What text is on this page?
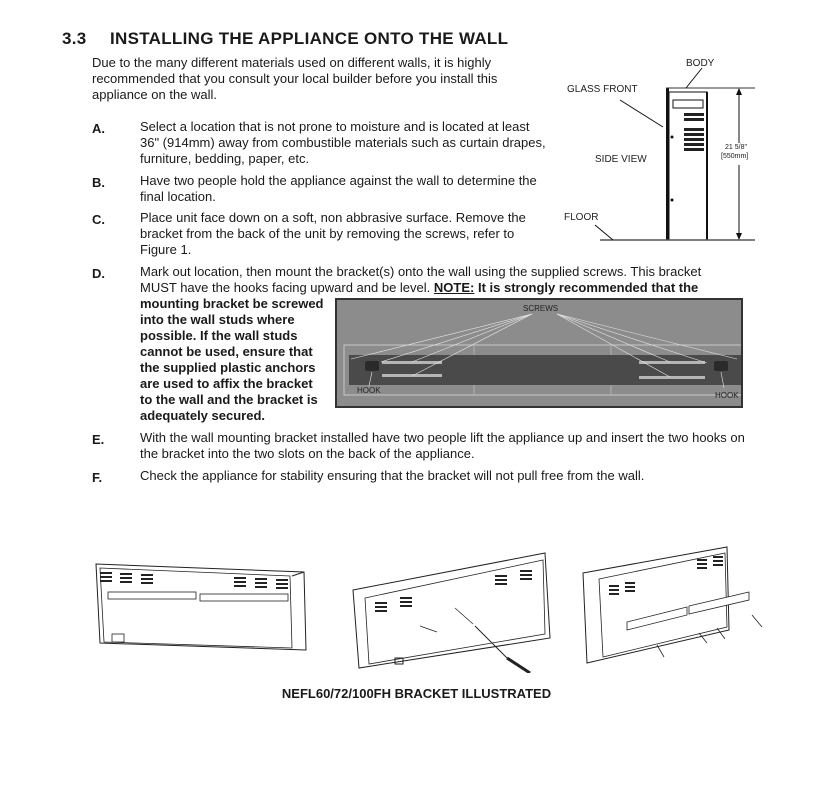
3.3 INSTALLING THE APPLIANCE ONTO THE WALL
Due to the many different materials used on different walls, it is highly recommended that you consult your local builder before you install this appliance on the wall.
BODY
GLASS FRONT
SIDE VIEW
FLOOR
21 5/8"
[550mm]
A.	Select a location that is not prone to moisture and is located at least 36" (914mm) away from combustible materials such as curtain drapes, furniture, bedding, paper, etc.
B.	Have two people hold the appliance against the wall to determine the final location.
C.	Place unit face down on a soft, non abbrasive surface. Remove the bracket from the back of the unit by removing the screws, refer to Figure 1.
D.	Mark out location, then mount the bracket(s) onto the wall using the supplied screws. This bracket
MUST have the hooks facing upward and be level. NOTE: It is strongly recommended that the
mounting bracket be screwed
into the wall studs where
possible. If the wall studs
cannot be used, ensure that
the supplied plastic anchors
are used to affix the bracket
to the wall and the bracket is
adequately secured.
SCREWS
HOOK
HOOK
E.	With the wall mounting bracket installed have two people lift the appliance up and insert the two hooks on the bracket into the two slots on the back of the appliance.
F.	Check the appliance for stability ensuring that the bracket will not pull free from the wall.
NEFL60/72/100FH BRACKET ILLUSTRATED
